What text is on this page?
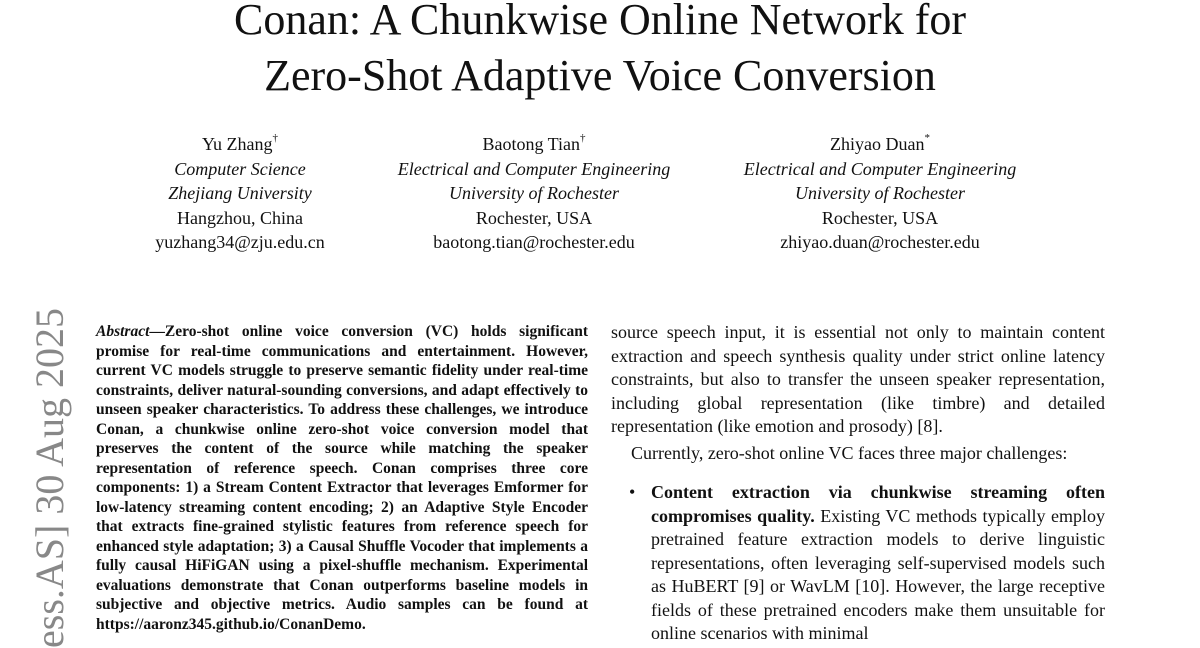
Conan: A Chunkwise Online Network for
Zero-Shot Adaptive Voice Conversion
Yu Zhang†
Computer Science
Zhejiang University
Hangzhou, China
yuzhang34@zju.edu.cn
Baotong Tian†
Electrical and Computer Engineering
University of Rochester
Rochester, USA
baotong.tian@rochester.edu
Zhiyao Duan*
Electrical and Computer Engineering
University of Rochester
Rochester, USA
zhiyao.duan@rochester.edu
ess.AS] 30 Aug 2025 Abstract—Zero-shot online voice conversion (VC) holds significant promise for real-time communications and entertainment. However, current VC models struggle to preserve semantic fidelity under real-time constraints, deliver natural-sounding conversions, and adapt effectively to unseen speaker characteristics. To address these challenges, we introduce Conan, a chunkwise online zero-shot voice conversion model that preserves the content of the source while matching the speaker representation of reference speech. Conan comprises three core components: 1) a Stream Content Extractor that leverages Emformer for low-latency streaming content encoding; 2) an Adaptive Style Encoder that extracts fine-grained stylistic features from reference speech for enhanced style adaptation; 3) a Causal Shuffle Vocoder that implements a fully causal HiFiGAN using a pixel-shuffle mechanism. Experimental evaluations demonstrate that Conan outperforms baseline models in subjective and objective metrics. Audio samples can be found at https://aaronz345.github.io/ConanDemo.

source speech input, it is essential not only to maintain content extraction and speech synthesis quality under strict online latency constraints, but also to transfer the unseen speaker representation, including global representation (like timbre) and detailed representation (like emotion and prosody) [8].

Currently, zero-shot online VC faces three major challenges:

• Content extraction via chunkwise streaming often compromises quality. Existing VC methods typically employ pretrained feature extraction models to derive linguistic representations, often leveraging self-supervised models such as HuBERT [9] or WavLM [10]. However, the large receptive fields of these pretrained encoders make them unsuitable for online scenarios with minimal
